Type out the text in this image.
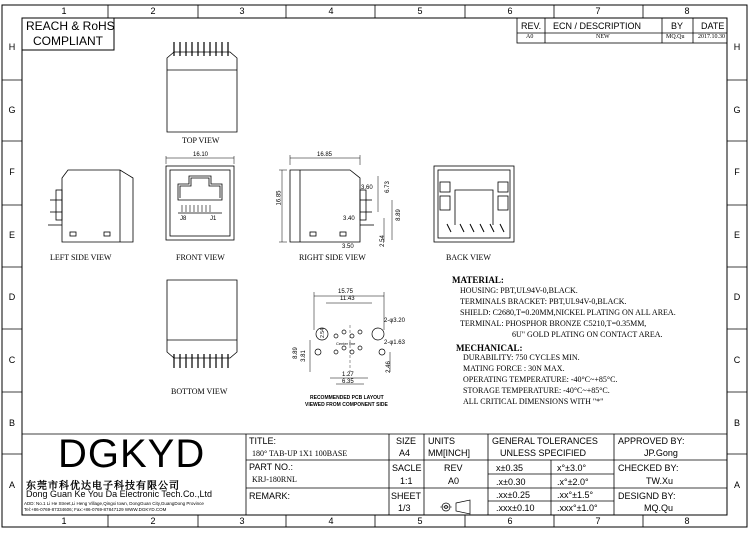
1	2	3	4	5	6	7	8
1	2	3	4	5	6	7	8
H
G
F
E
D
C
B
A
H
G
F
E
D
C
B
A
REACH & RoHS
COMPLIANT
REV. ECN / DESCRIPTION	BY DATE
A0	NEW	MQ.Qu 2017.10.30
TOP VIEW
LEFT SIDE VIEW	FRONT VIEW	RIGHT SIDE VIEW	BACK VIEW
BOTTOM VIEW
RECOMMENDED PCB LAYOUT
VIEWED FROM COMPONENT SIDE
16.10
J8	J1
16.85
16.85
3.60 6.73
3.40	8.89
2.54
3.50
15.75
11.43
2-φ3.20
2-φ1.63
8.89 3.81
2.54
2.46
1.27
6.35
Center line
MATERIAL:
HOUSING: PBT,UL94V-0,BLACK.
TERMINALS BRACKET: PBT,UL94V-0,BLACK.
SHIELD: C2680,T=0.20MM,NICKEL PLATING ON ALL AREA.
TERMINAL: PHOSPHOR BRONZE C5210,T=0.35MM,
6U" GOLD PLATING ON CONTACT AREA.
MECHANICAL:
DURABILITY: 750 CYCLES MIN.
MATING FORCE : 30N MAX.
OPERATING TEMPERATURE: -40°C~+85°C.
STORAGE TEMPERATURE: -40°C~+85°C.
ALL CRITICAL DIMENSIONS WITH "*"
DGKYD
东莞市科优达电子科技有限公司
Dong Guan Ke You Da Electronic Tech.Co.,Ltd
ADD: No.1 Li He Street,Li Heng Village,Qingxi town, DongGuan City,GuangDong Province
Tel:+86-0769-87334606; Fax:+86-0769-87847129 WWW.DGKYD.COM
TITLE:
180° TAB-UP 1X1 100BASE
PART NO.:
KRJ-180RNL
REMARK:
SIZE
A4
UNITS
MM[INCH]
SACLE
1:1
REV
A0
SHEET
1/3
GENERAL TOLERANCES
UNLESS SPECIFIED
x±0.35	x°±3.0°
.x±0.30	.x°±2.0°
.xx±0.25	.xx°±1.5°
.xxx±0.10	.xxx°±1.0°
APPROVED BY:
JP.Gong
CHECKED BY:
TW.Xu
DESIGND BY:
MQ.Qu
